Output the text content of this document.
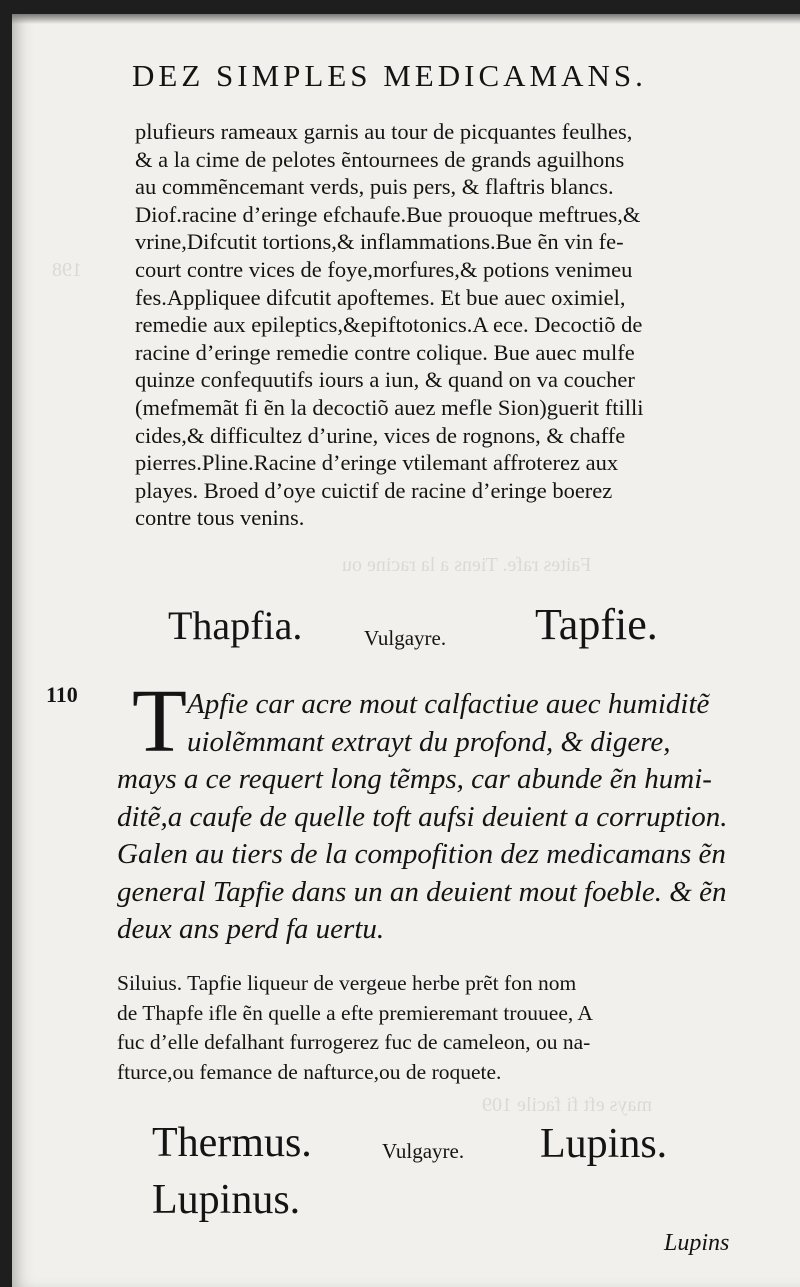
198
Faites rafe. Tiens a la racine ou
mays eft fi facile 109
DEZ SIMPLES MEDICAMANS.
plufieurs rameaux garnis au tour de picquantes feulhes,
& a la cime de pelotes ẽntournees de grands aguilhons
au commẽncemant verds, puis pers, & flaftris blancs.
Diof.racine d’eringe efchaufe.Bue prouoque meftrues,&
vrine,Difcutit tortions,& inflammations.Bue ẽn vin fe-
court contre vices de foye,morfures,& potions venimeu
fes.Appliquee difcutit apoftemes. Et bue auec oximiel,
remedie aux epileptics,&epiftotonics.A ece. Decoctiõ de
racine d’eringe remedie contre colique. Bue auec mulfe
quinze confequutifs iours a iun, & quand on va coucher
(mefmemãt fi ẽn la decoctiõ auez mefle Sion)guerit ftilli
cides,& difficultez d’urine, vices de rognons, & chaffe
pierres.Pline.Racine d’eringe vtilemant affroterez aux
playes. Broed d’oye cuictif de racine d’eringe boerez
contre tous venins.
Thapfia.	Vulgayre. Tapfie.
110 T Apfie car acre mout calfactiue auec humiditẽ
uiolẽmmant extrayt du profond, & digere,
mays a ce requert long tẽmps, car abunde ẽn humi-
ditẽ,a caufe de quelle toft aufsi deuient a corruption.
Galen au tiers de la compofition dez medicamans ẽn
general Tapfie dans un an deuient mout foeble. & ẽn
deux ans perd fa uertu.
Siluius. Tapfie liqueur de vergeue herbe prẽt fon nom
de Thapfe ifle ẽn quelle a efte premieremant trouuee, A
fuc d’elle defalhant furrogerez fuc de cameleon, ou na-
fturce,ou femance de nafturce,ou de roquete.
Thermus.	Vulgayre. Lupins.
Lupinus.
Lupins
